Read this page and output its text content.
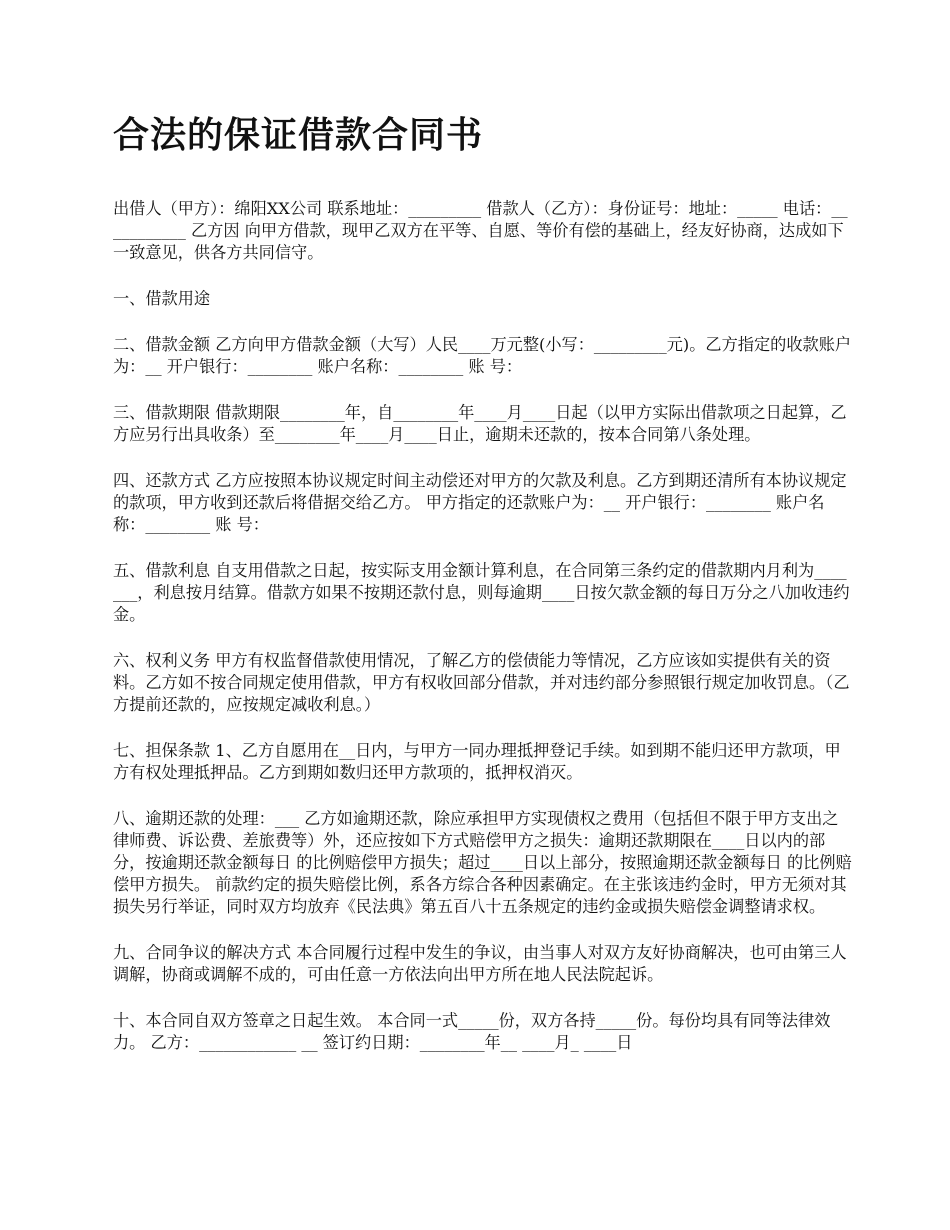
合法的保证借款合同书

出借人（甲方）：绵阳XX公司 联系地址：_________ 借款人（乙方）：身份证号：地址：_____ 电话：___________ 乙方因 向甲方借款，现甲乙双方在平等、自愿、等价有偿的基础上，经友好协商，达成如下一致意见，供各方共同信守。

一、借款用途

二、借款金额 乙方向甲方借款金额（大写）人民____万元整(小写：_________元)。乙方指定的收款账户为：__ 开户银行：________ 账户名称：________ 账 号：

三、借款期限 借款期限________年，自________年____月____日起（以甲方实际出借款项之日起算，乙方应另行出具收条）至________年____月____日止，逾期未还款的，按本合同第八条处理。

四、还款方式 乙方应按照本协议规定时间主动偿还对甲方的欠款及利息。乙方到期还清所有本协议规定的款项，甲方收到还款后将借据交给乙方。 甲方指定的还款账户为：__ 开户银行：________ 账户名称：________ 账 号：

五、借款利息 自支用借款之日起，按实际支用金额计算利息，在合同第三条约定的借款期内月利为_______，利息按月结算。借款方如果不按期还款付息，则每逾期____日按欠款金额的每日万分之八加收违约金。

六、权利义务 甲方有权监督借款使用情况，了解乙方的偿债能力等情况，乙方应该如实提供有关的资料。乙方如不按合同规定使用借款，甲方有权收回部分借款，并对违约部分参照银行规定加收罚息。（乙方提前还款的，应按规定减收利息。）

七、担保条款 1、乙方自愿用在__日内，与甲方一同办理抵押登记手续。如到期不能归还甲方款项，甲方有权处理抵押品。乙方到期如数归还甲方款项的，抵押权消灭。

八、逾期还款的处理：___ 乙方如逾期还款，除应承担甲方实现债权之费用（包括但不限于甲方支出之律师费、诉讼费、差旅费等）外，还应按如下方式赔偿甲方之损失：逾期还款期限在____日以内的部分，按逾期还款金额每日 的比例赔偿甲方损失；超过____日以上部分，按照逾期还款金额每日 的比例赔偿甲方损失。 前款约定的损失赔偿比例，系各方综合各种因素确定。在主张该违约金时，甲方无须对其损失另行举证，同时双方均放弃《民法典》第五百八十五条规定的违约金或损失赔偿金调整请求权。

九、合同争议的解决方式 本合同履行过程中发生的争议，由当事人对双方友好协商解决，也可由第三人调解，协商或调解不成的，可由任意一方依法向出甲方所在地人民法院起诉。

十、本合同自双方签章之日起生效。 本合同一式_____份，双方各持_____份。每份均具有同等法律效力。 乙方：____________ __ 签订约日期：________年__ ____月_ ____日
